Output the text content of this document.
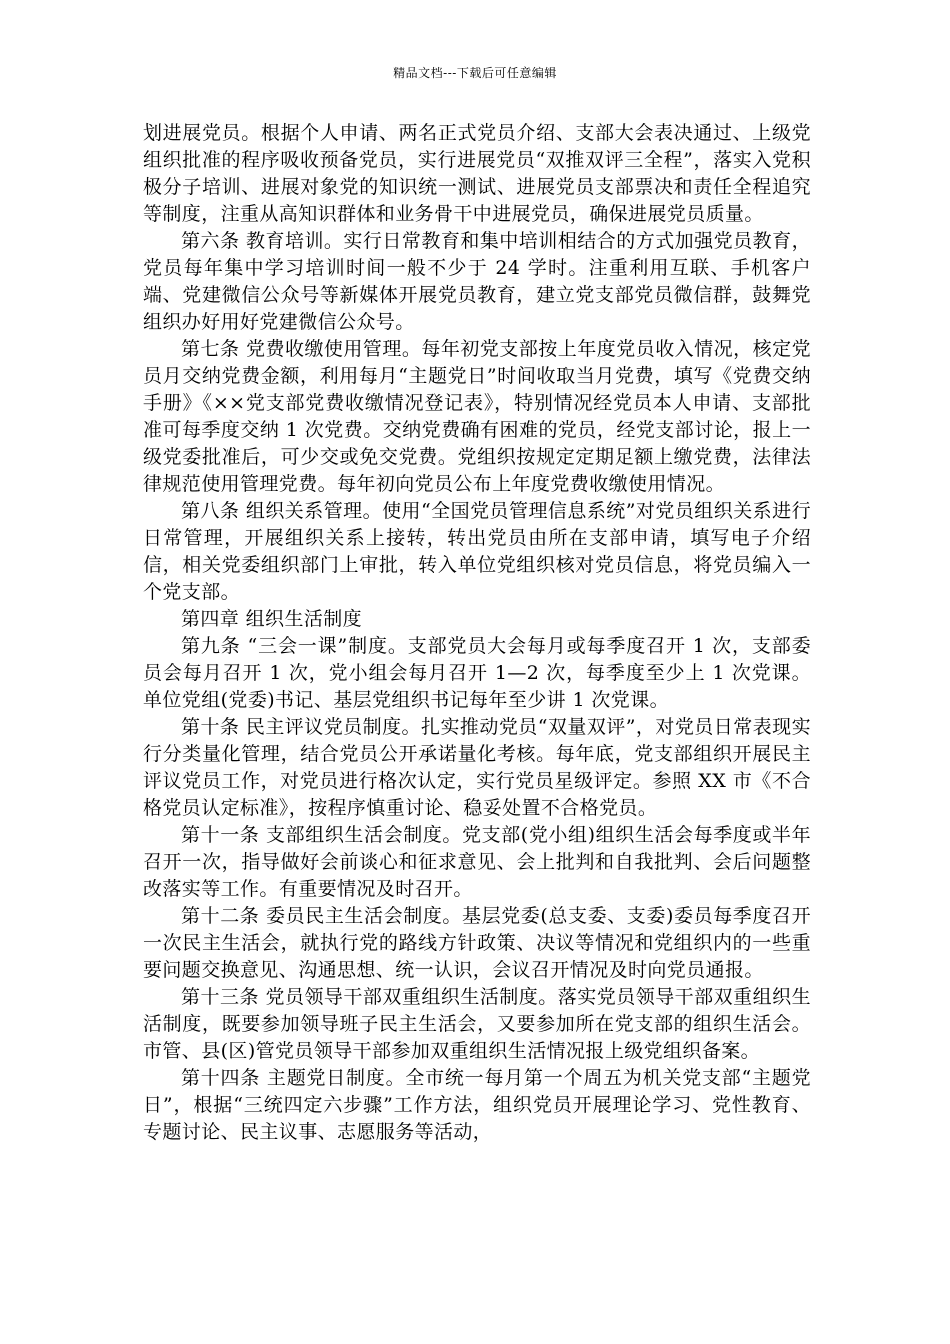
精品文档---下载后可任意编辑

划进展党员。根据个人申请、两名正式党员介绍、支部大会表决通过、上级党组织批准的程序吸收预备党员，实行进展党员“双推双评三全程”，落实入党积极分子培训、进展对象党的知识统一测试、进展党员支部票决和责任全程追究等制度，注重从高知识群体和业务骨干中进展党员，确保进展党员质量。

第六条 教育培训。实行日常教育和集中培训相结合的方式加强党员教育，党员每年集中学习培训时间一般不少于 24 学时。注重利用互联、手机客户端、党建微信公众号等新媒体开展党员教育，建立党支部党员微信群，鼓舞党组织办好用好党建微信公众号。

第七条 党费收缴使用管理。每年初党支部按上年度党员收入情况，核定党员月交纳党费金额，利用每月“主题党日”时间收取当月党费，填写《党费交纳手册》《××党支部党费收缴情况登记表》，特别情况经党员本人申请、支部批准可每季度交纳 1 次党费。交纳党费确有困难的党员，经党支部讨论，报上一级党委批准后，可少交或免交党费。党组织按规定定期足额上缴党费，法律法律规范使用管理党费。每年初向党员公布上年度党费收缴使用情况。

第八条 组织关系管理。使用“全国党员管理信息系统”对党员组织关系进行日常管理，开展组织关系上接转，转出党员由所在支部申请，填写电子介绍信，相关党委组织部门上审批，转入单位党组织核对党员信息，将党员编入一个党支部。

第四章 组织生活制度

第九条 “三会一课”制度。支部党员大会每月或每季度召开 1 次，支部委员会每月召开 1 次，党小组会每月召开 1—2 次，每季度至少上 1 次党课。单位党组(党委)书记、基层党组织书记每年至少讲 1 次党课。

第十条 民主评议党员制度。扎实推动党员“双量双评”，对党员日常表现实行分类量化管理，结合党员公开承诺量化考核。每年底，党支部组织开展民主评议党员工作，对党员进行格次认定，实行党员星级评定。参照 XX 市《不合格党员认定标准》，按程序慎重讨论、稳妥处置不合格党员。

第十一条 支部组织生活会制度。党支部(党小组)组织生活会每季度或半年召开一次，指导做好会前谈心和征求意见、会上批判和自我批判、会后问题整改落实等工作。有重要情况及时召开。

第十二条 委员民主生活会制度。基层党委(总支委、支委)委员每季度召开一次民主生活会，就执行党的路线方针政策、决议等情况和党组织内的一些重要问题交换意见、沟通思想、统一认识，会议召开情况及时向党员通报。

第十三条 党员领导干部双重组织生活制度。落实党员领导干部双重组织生活制度，既要参加领导班子民主生活会，又要参加所在党支部的组织生活会。市管、县(区)管党员领导干部参加双重组织生活情况报上级党组织备案。

第十四条 主题党日制度。全市统一每月第一个周五为机关党支部“主题党日”，根据“三统四定六步骤”工作方法，组织党员开展理论学习、党性教育、专题讨论、民主议事、志愿服务等活动，
